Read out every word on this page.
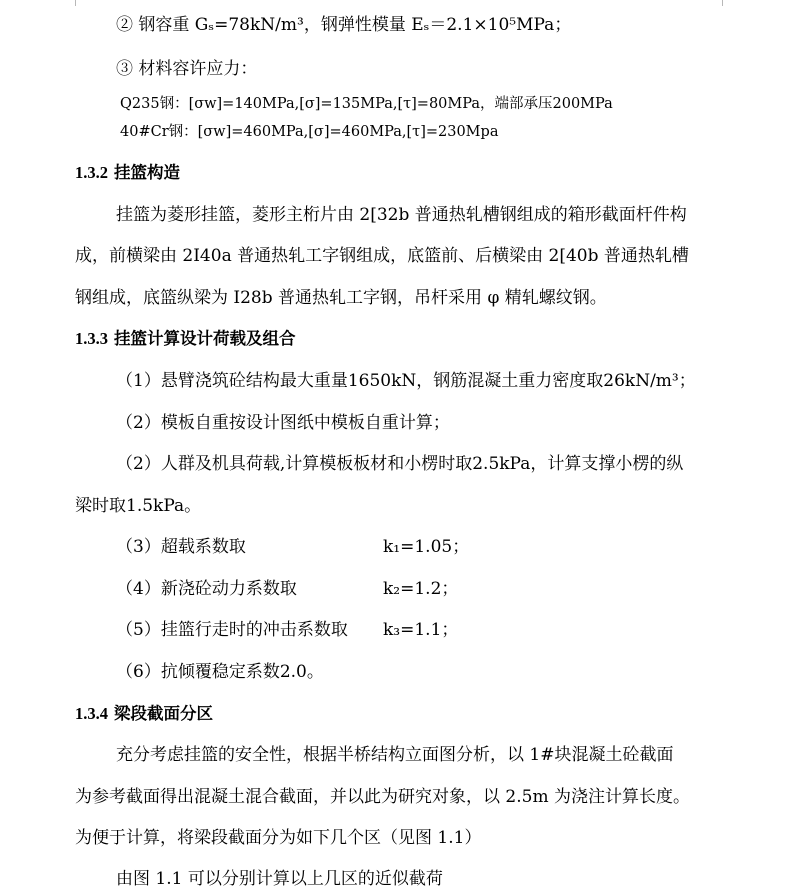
② 钢容重 Gₛ=78kN/m³，钢弹性模量 Eₛ＝2.1×10⁵MPa；
③ 材料容许应力：
Q235钢：[σw]=140MPa,[σ]=135MPa,[τ]=80MPa，端部承压200MPa
40#Cr钢：[σw]=460MPa,[σ]=460MPa,[τ]=230Mpa
1.3.2 挂篮构造
挂篮为菱形挂篮，菱形主桁片由 2[32b 普通热轧槽钢组成的箱形截面杆件构
成，前横梁由 2I40a 普通热轧工字钢组成，底篮前、后横梁由 2[40b 普通热轧槽
钢组成，底篮纵梁为 I28b 普通热轧工字钢，吊杆采用 φ 精轧螺纹钢。
1.3.3 挂篮计算设计荷载及组合
（1）悬臂浇筑砼结构最大重量1650kN，钢筋混凝土重力密度取26kN/m³；
（2）模板自重按设计图纸中模板自重计算；
（2）人群及机具荷载,计算模板板材和小楞时取2.5kPa，计算支撑小楞的纵
梁时取1.5kPa。
（3）超载系数取	k₁=1.05；
（4）新浇砼动力系数取	k₂=1.2；
（5）挂篮行走时的冲击系数取 k₃=1.1；
（6）抗倾覆稳定系数2.0。
1.3.4 梁段截面分区
充分考虑挂篮的安全性，根据半桥结构立面图分析，以 1#块混凝土砼截面
为参考截面得出混凝土混合截面，并以此为研究对象，以 2.5m 为浇注计算长度。
为便于计算，将梁段截面分为如下几个区（见图 1.1）
由图 1.1 可以分别计算以上几区的近似截荷
